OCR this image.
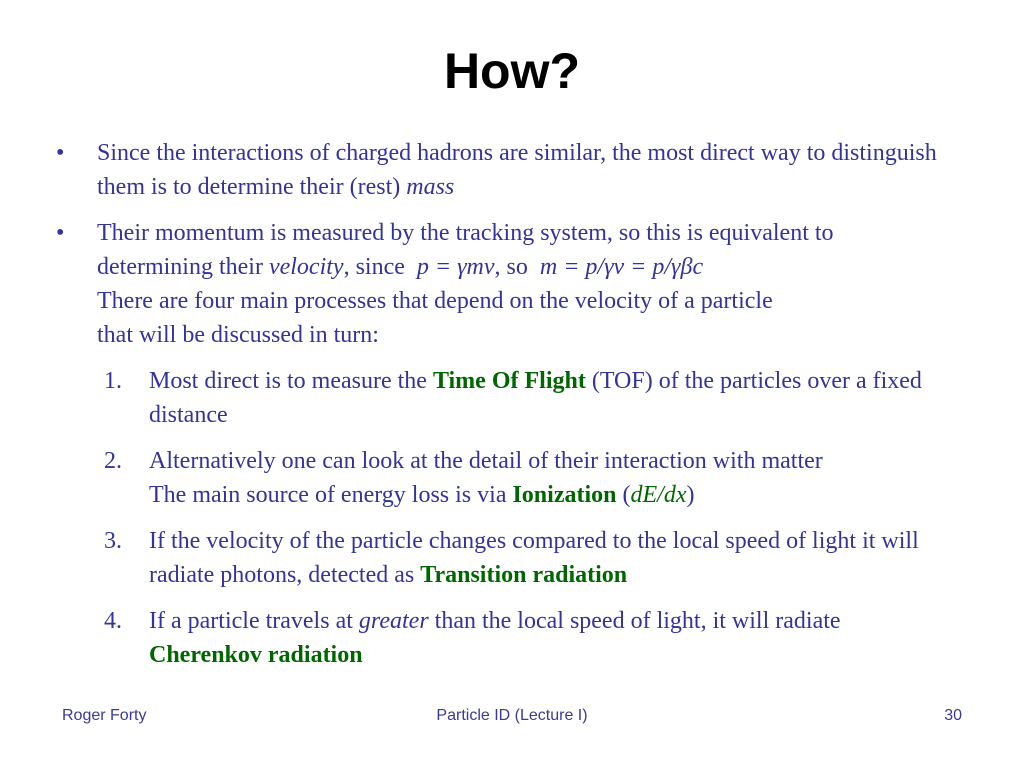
How?
• Since the interactions of charged hadrons are similar, the most direct way to distinguish them is to determine their (rest) mass
• Their momentum is measured by the tracking system, so this is equivalent to
determining their velocity, since  p = γmv, so  m = p/γv = p/γβc
There are four main processes that depend on the velocity of a particle
that will be discussed in turn:
1. Most direct is to measure the Time Of Flight (TOF) of the particles over a fixed distance
2. Alternatively one can look at the detail of their interaction with matter
The main source of energy loss is via Ionization (dE/dx)
3. If the velocity of the particle changes compared to the local speed of light it will radiate photons, detected as Transition radiation
4. If a particle travels at greater than the local speed of light, it will radiate
Cherenkov radiation
Roger Forty	Particle ID (Lecture I)	30
